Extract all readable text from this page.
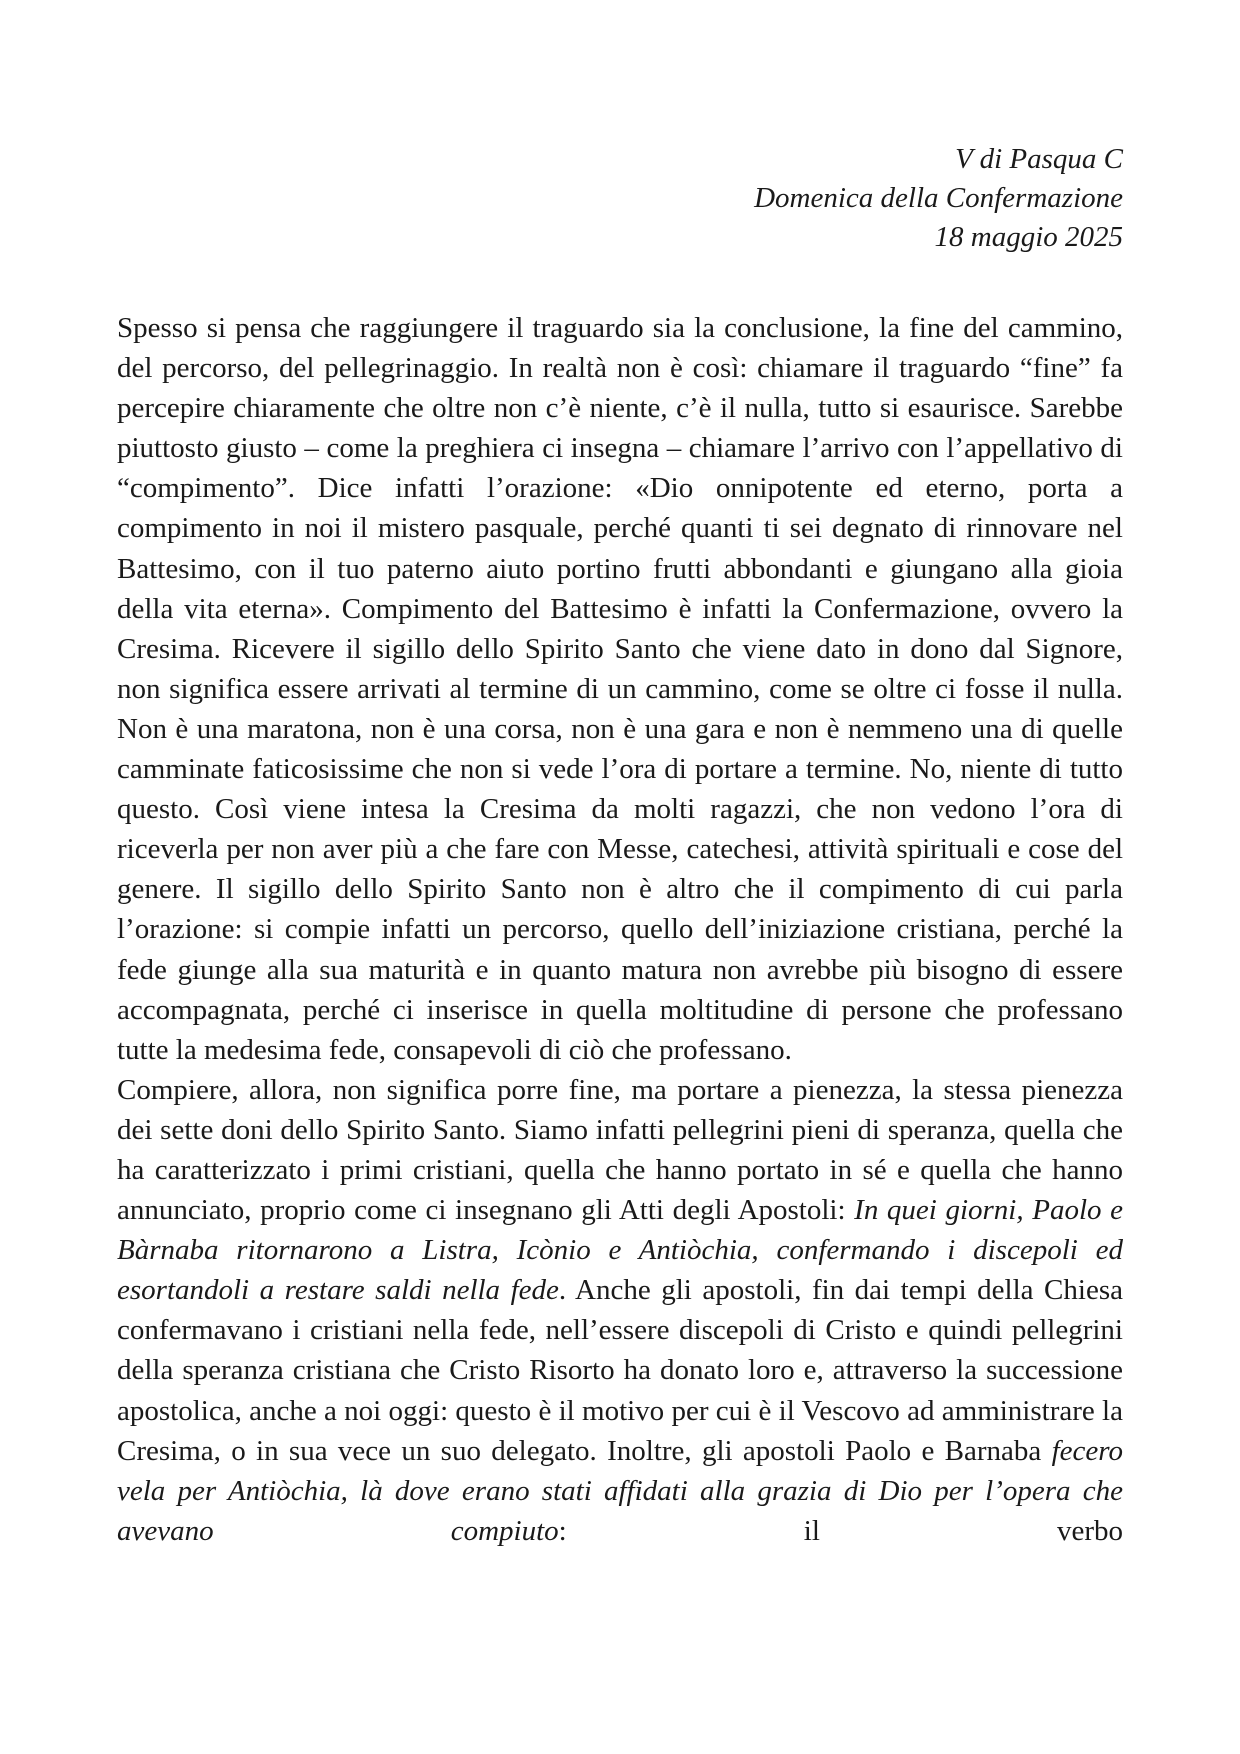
V di Pasqua C
Domenica della Confermazione
18 maggio 2025

Spesso si pensa che raggiungere il traguardo sia la conclusione, la fine del cammino, del percorso, del pellegrinaggio. In realtà non è così: chiamare il traguardo “fine” fa percepire chiaramente che oltre non c’è niente, c’è il nulla, tutto si esaurisce. Sarebbe piuttosto giusto – come la preghiera ci insegna – chiamare l’arrivo con l’appellativo di “compimento”. Dice infatti l’orazione: «Dio onnipotente ed eterno, porta a compimento in noi il mistero pasquale, perché quanti ti sei degnato di rinnovare nel Battesimo, con il tuo paterno aiuto portino frutti abbondanti e giungano alla gioia della vita eterna». Compimento del Battesimo è infatti la Confermazione, ovvero la Cresima. Ricevere il sigillo dello Spirito Santo che viene dato in dono dal Signore, non significa essere arrivati al termine di un cammino, come se oltre ci fosse il nulla. Non è una maratona, non è una corsa, non è una gara e non è nemmeno una di quelle camminate faticosissime che non si vede l’ora di portare a termine. No, niente di tutto questo. Così viene intesa la Cresima da molti ragazzi, che non vedono l’ora di riceverla per non aver più a che fare con Messe, catechesi, attività spirituali e cose del genere. Il sigillo dello Spirito Santo non è altro che il compimento di cui parla l’orazione: si compie infatti un percorso, quello dell’iniziazione cristiana, perché la fede giunge alla sua maturità e in quanto matura non avrebbe più bisogno di essere accompagnata, perché ci inserisce in quella moltitudine di persone che professano tutte la medesima fede, consapevoli di ciò che professano.

Compiere, allora, non significa porre fine, ma portare a pienezza, la stessa pienezza dei sette doni dello Spirito Santo. Siamo infatti pellegrini pieni di speranza, quella che ha caratterizzato i primi cristiani, quella che hanno portato in sé e quella che hanno annunciato, proprio come ci insegnano gli Atti degli Apostoli: In quei giorni, Paolo e Bàrnaba ritornarono a Listra, Icònio e Antiòchia, confermando i discepoli ed esortandoli a restare saldi nella fede. Anche gli apostoli, fin dai tempi della Chiesa confermavano i cristiani nella fede, nell’essere discepoli di Cristo e quindi pellegrini della speranza cristiana che Cristo Risorto ha donato loro e, attraverso la successione apostolica, anche a noi oggi: questo è il motivo per cui è il Vescovo ad amministrare la Cresima, o in sua vece un suo delegato. Inoltre, gli apostoli Paolo e Barnaba fecero vela per Antiòchia, là dove erano stati affidati alla grazia di Dio per l’opera che avevano compiuto: il verbo
